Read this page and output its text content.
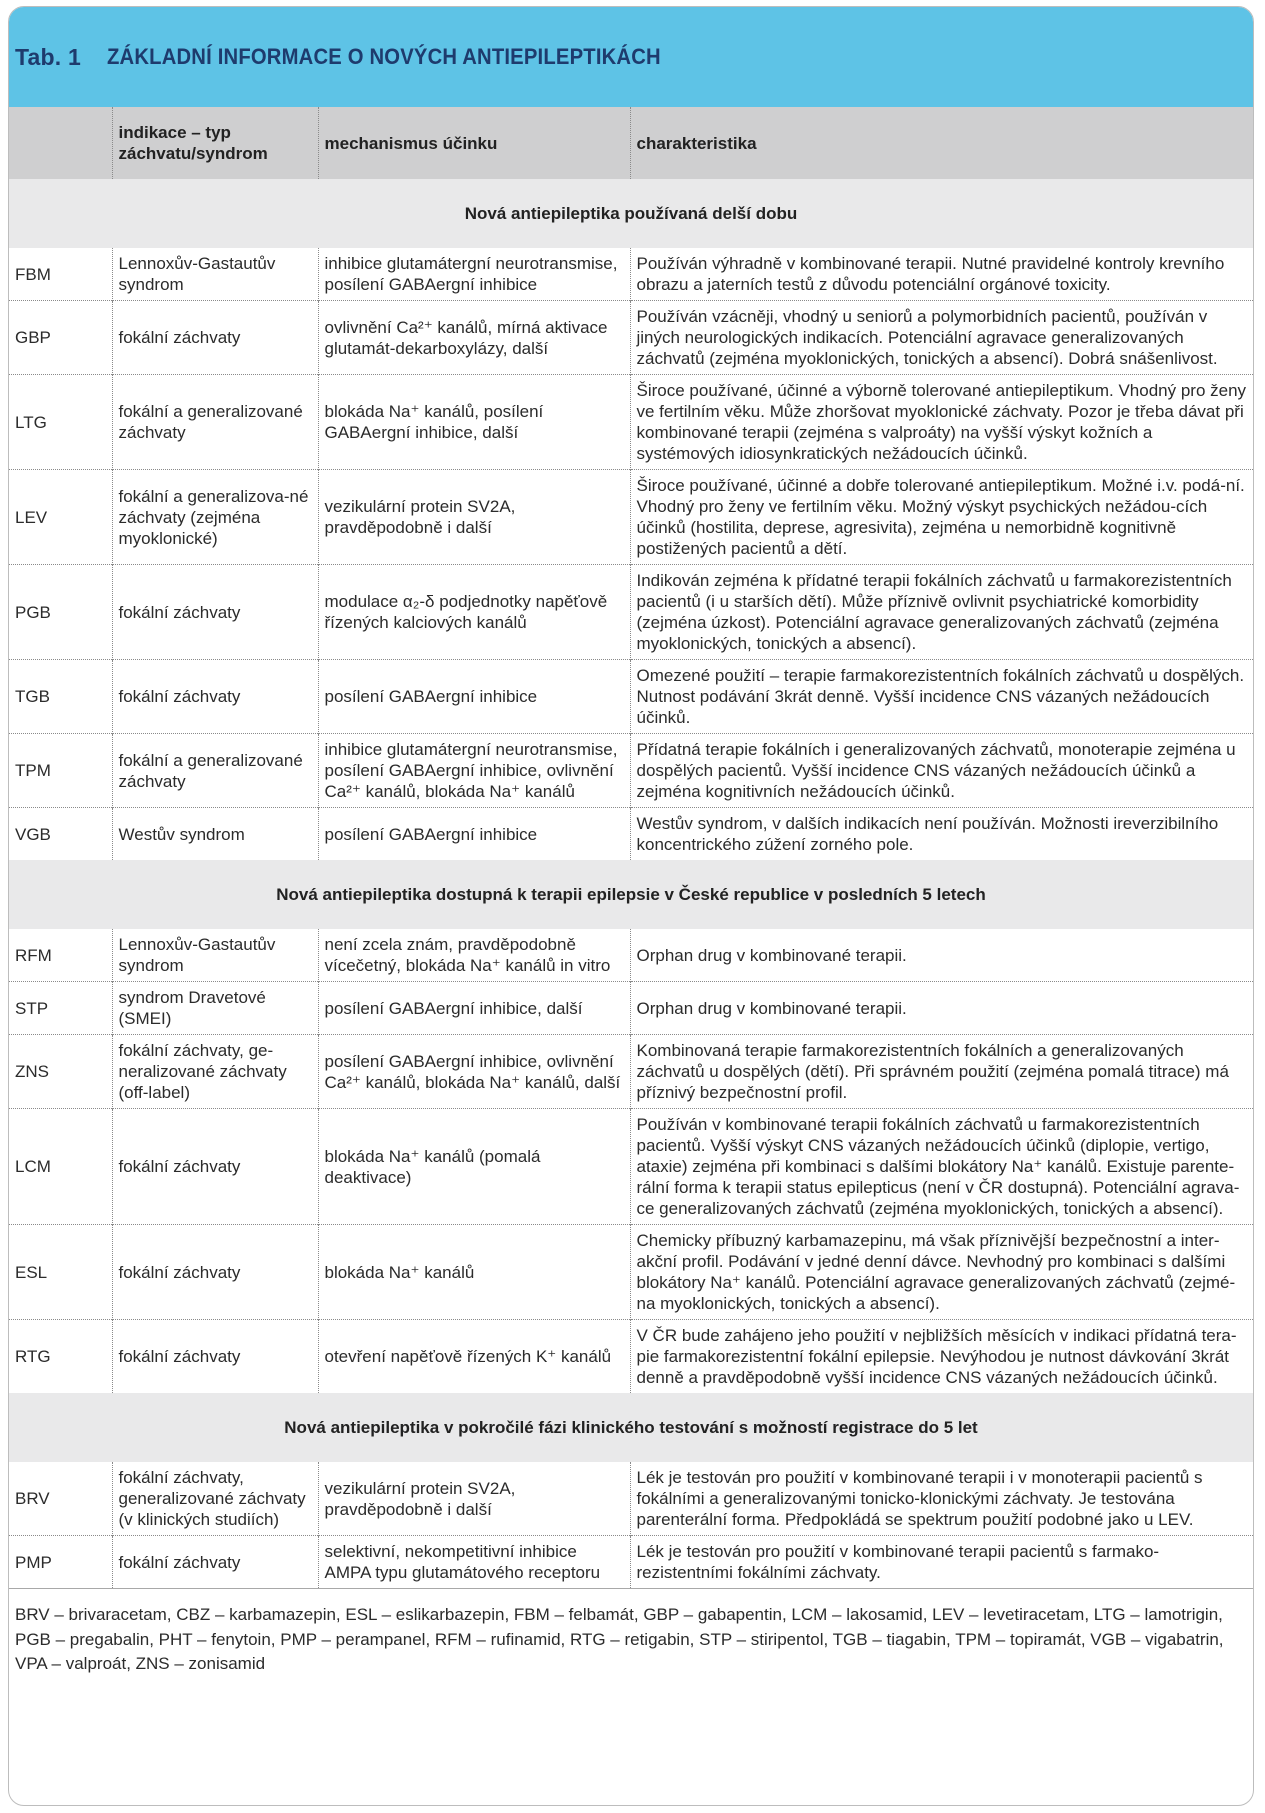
Tab. 1 ZÁKLADNÍ INFORMACE O NOVÝCH ANTIEPILEPTIKÁCH
	indikace – typ záchvatu/syndrom	mechanismus účinku	charakteristika
Nová antiepileptika používaná delší dobu			
FBM	Lennoxův-Gastautův syndrom	inhibice glutamátergní neurotransmise, posílení GABAergní inhibice	Používán výhradně v kombinované terapii. Nutné pravidelné kontroly krevního obrazu a jaterních testů z důvodu potenciální orgánové toxicity.
GBP	fokální záchvaty	ovlivnění Ca²⁺ kanálů, mírná aktivace glutamát-dekarboxylázy, další	Používán vzácněji, vhodný u seniorů a polymorbidních pacientů, používán v jiných neurologických indikacích. Potenciální agravace generalizovaných záchvatů (zejména myoklonických, tonických a absencí). Dobrá snášenlivost.
LTG	fokální a generalizované záchvaty	blokáda Na⁺ kanálů, posílení GABAergní inhibice, další	Široce používané, účinné a výborně tolerované antiepileptikum. Vhodný pro ženy ve fertilním věku. Může zhoršovat myoklonické záchvaty. Pozor je třeba dávat při kombinované terapii (zejména s valproáty) na vyšší výskyt kožních a systémových idiosynkratických nežádoucích účinků.
LEV	fokální a generalizova-né záchvaty (zejména myoklonické)	vezikulární protein SV2A, pravděpodobně i další	Široce používané, účinné a dobře tolerované antiepileptikum. Možné i.v. podá-ní. Vhodný pro ženy ve fertilním věku. Možný výskyt psychických nežádou-cích účinků (hostilita, deprese, agresivita), zejména u nemorbidně kognitivně postižených pacientů a dětí.
PGB	fokální záchvaty	modulace α₂-δ podjednotky napěťově řízených kalciových kanálů	Indikován zejména k přídatné terapii fokálních záchvatů u farmakorezistentních pacientů (i u starších dětí). Může příznivě ovlivnit psychiatrické komorbidity (zejména úzkost). Potenciální agravace generalizovaných záchvatů (zejména myoklonických, tonických a absencí).
TGB	fokální záchvaty	posílení GABAergní inhibice	Omezené použití – terapie farmakorezistentních fokálních záchvatů u dospělých. Nutnost podávání 3krát denně. Vyšší incidence CNS vázaných nežádoucích účinků.
TPM	fokální a generalizované záchvaty	inhibice glutamátergní neurotransmise, posílení GABAergní inhibice, ovlivnění Ca²⁺ kanálů, blokáda Na⁺ kanálů	Přídatná terapie fokálních i generalizovaných záchvatů, monoterapie zejména u dospělých pacientů. Vyšší incidence CNS vázaných nežádoucích účinků a zejména kognitivních nežádoucích účinků.
VGB	Westův syndrom	posílení GABAergní inhibice	Westův syndrom, v dalších indikacích není používán. Možnosti ireverzibilního koncentrického zúžení zorného pole.
Nová antiepileptika dostupná k terapii epilepsie v České republice v posledních 5 letech			
RFM	Lennoxův-Gastautův syndrom	není zcela znám, pravděpodobně vícečetný, blokáda Na⁺ kanálů in vitro	Orphan drug v kombinované terapii.
STP	syndrom Dravetové (SMEI)	posílení GABAergní inhibice, další	Orphan drug v kombinované terapii.
ZNS	fokální záchvaty, ge-neralizované záchvaty (off-label)	posílení GABAergní inhibice, ovlivnění Ca²⁺ kanálů, blokáda Na⁺ kanálů, další	Kombinovaná terapie farmakorezistentních fokálních a generalizovaných záchvatů u dospělých (dětí). Při správném použití (zejména pomalá titrace) má příznivý bezpečnostní profil.
LCM	fokální záchvaty	blokáda Na⁺ kanálů (pomalá deaktivace)	Používán v kombinované terapii fokálních záchvatů u farmakorezistentních pacientů. Vyšší výskyt CNS vázaných nežádoucích účinků (diplopie, vertigo, ataxie) zejména při kombinaci s dalšími blokátory Na⁺ kanálů. Existuje parente-rální forma k terapii status epilepticus (není v ČR dostupná). Potenciální agrava-ce generalizovaných záchvatů (zejména myoklonických, tonických a absencí).
ESL	fokální záchvaty	blokáda Na⁺ kanálů	Chemicky příbuzný karbamazepinu, má však příznivější bezpečnostní a inter-akční profil. Podávání v jedné denní dávce. Nevhodný pro kombinaci s dalšími blokátory Na⁺ kanálů. Potenciální agravace generalizovaných záchvatů (zejmé-na myoklonických, tonických a absencí).
RTG	fokální záchvaty	otevření napěťově řízených K⁺ kanálů	V ČR bude zahájeno jeho použití v nejbližších měsících v indikaci přídatná tera-pie farmakorezistentní fokální epilepsie. Nevýhodou je nutnost dávkování 3krát denně a pravděpodobně vyšší incidence CNS vázaných nežádoucích účinků.
Nová antiepileptika v pokročilé fázi klinického testování s možností registrace do 5 let			
BRV	fokální záchvaty, generalizované záchvaty (v klinických studiích)	vezikulární protein SV2A, pravděpodobně i další	Lék je testován pro použití v kombinované terapii i v monoterapii pacientů s fokálními a generalizovanými tonicko-klonickými záchvaty. Je testována parenterální forma. Předpokládá se spektrum použití podobné jako u LEV.
PMP	fokální záchvaty	selektivní, nekompetitivní inhibice AMPA typu glutamátového receptoru	Lék je testován pro použití v kombinované terapii pacientů s farmako-rezistentními fokálními záchvaty.
BRV – brivaracetam, CBZ – karbamazepin, ESL – eslikarbazepin, FBM – felbamát, GBP – gabapentin, LCM – lakosamid, LEV – levetiracetam, LTG – lamotrigin, PGB – pregabalin, PHT – fenytoin, PMP – perampanel, RFM – rufinamid, RTG – retigabin, STP – stiripentol, TGB – tiagabin, TPM – topiramát, VGB – vigabatrin, VPA – valproát, ZNS – zonisamid
